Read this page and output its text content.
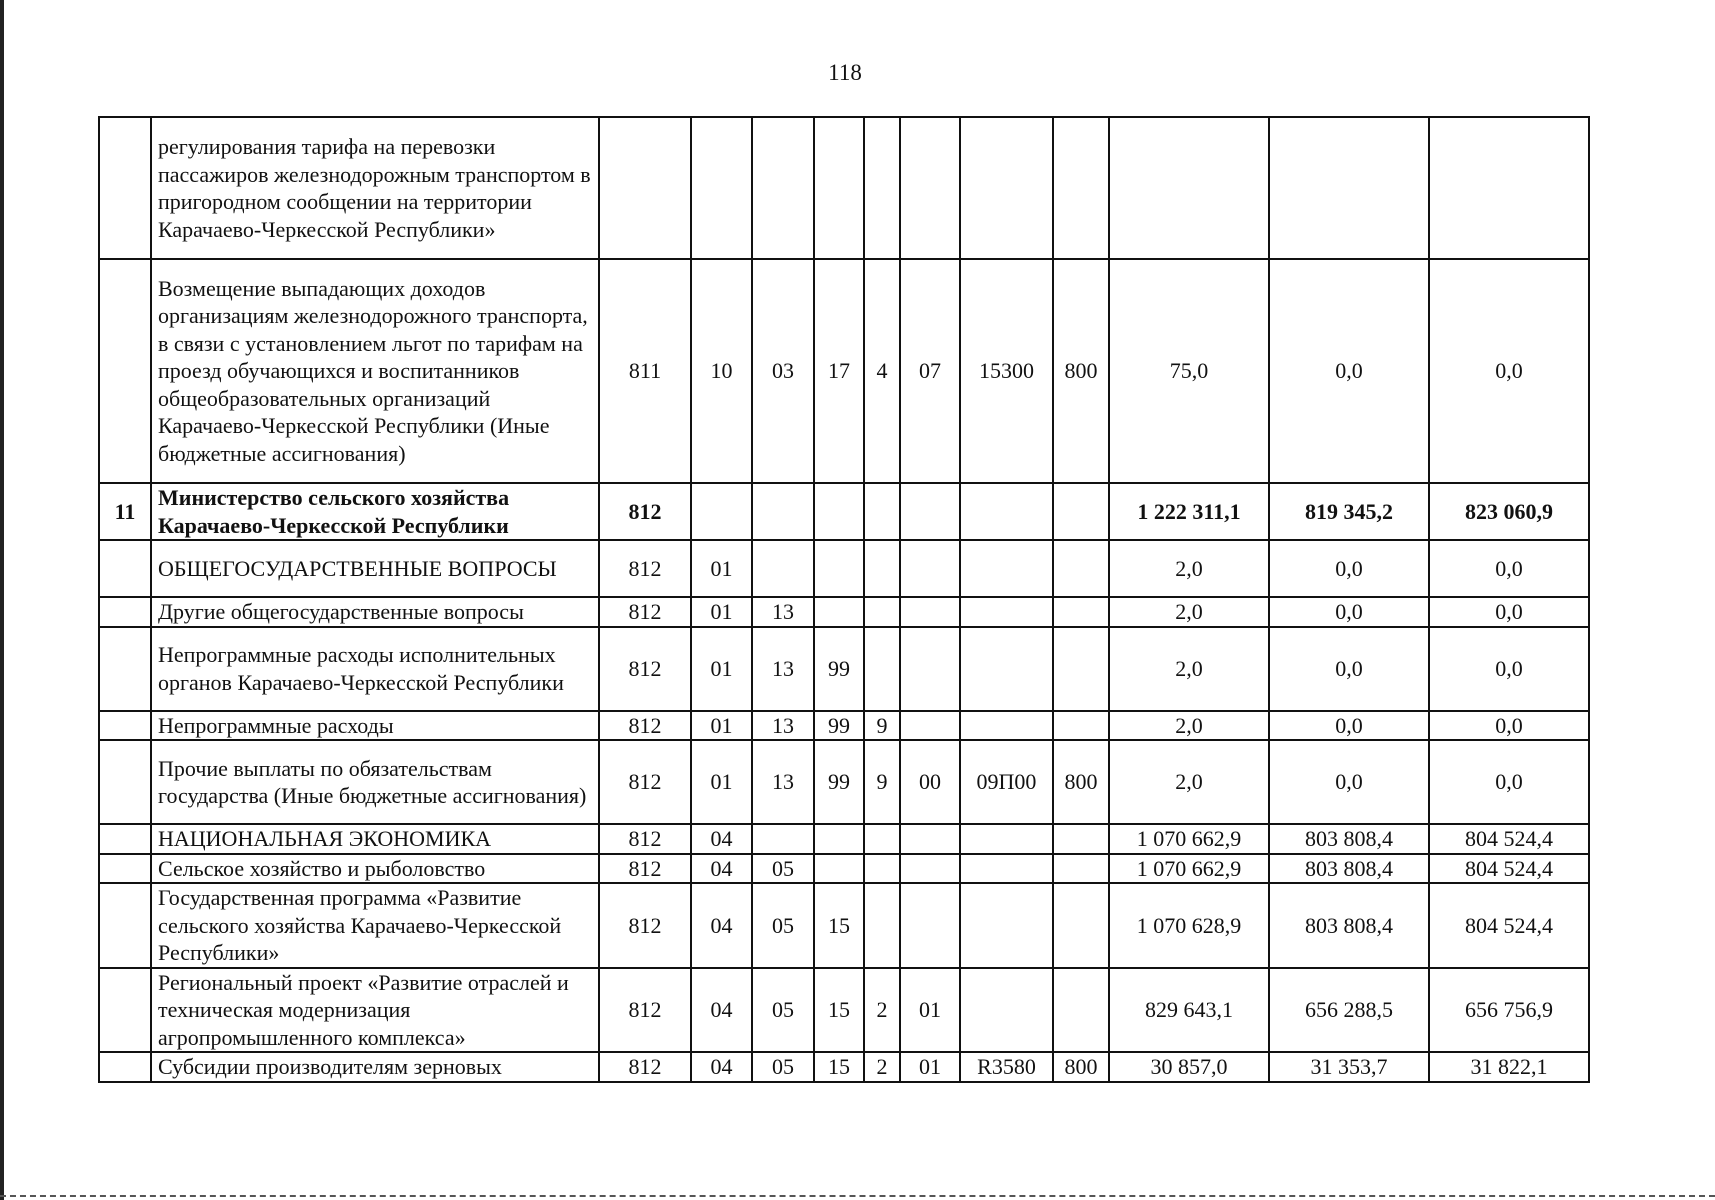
118
	регулирования тарифа на перевозки пассажиров железнодорожным транспортом в пригородном сообщении на территории Карачаево-Черкесской Республики»											
	Возмещение выпадающих доходов организациям железнодорожного транспорта, в связи с установлением льгот по тарифам на проезд обучающихся и воспитанников общеобразовательных организаций Карачаево-Черкесской Республики (Иные бюджетные ассигнования)	811	10	03	17	4	07	15300	800	75,0	0,0	0,0
11	Министерство сельского хозяйства Карачаево-Черкесской Республики	812								1 222 311,1	819 345,2	823 060,9
	ОБЩЕГОСУДАРСТВЕННЫЕ ВОПРОСЫ	812	01							2,0	0,0	0,0
	Другие общегосударственные вопросы	812	01	13						2,0	0,0	0,0
	Непрограммные расходы исполнительных органов Карачаево-Черкесской Республики	812	01	13	99					2,0	0,0	0,0
	Непрограммные расходы	812	01	13	99	9				2,0	0,0	0,0
	Прочие выплаты по обязательствам государства (Иные бюджетные ассигнования)	812	01	13	99	9	00	09П00	800	2,0	0,0	0,0
	НАЦИОНАЛЬНАЯ ЭКОНОМИКА	812	04							1 070 662,9	803 808,4	804 524,4
	Сельское хозяйство и рыболовство	812	04	05						1 070 662,9	803 808,4	804 524,4
	Государственная программа «Развитие сельского хозяйства Карачаево-Черкесской Республики»	812	04	05	15					1 070 628,9	803 808,4	804 524,4
	Региональный проект «Развитие отраслей и техническая модернизация агропромышленного комплекса»	812	04	05	15	2	01			829 643,1	656 288,5	656 756,9
	Субсидии производителям зерновых	812	04	05	15	2	01	R3580	800	30 857,0	31 353,7	31 822,1
